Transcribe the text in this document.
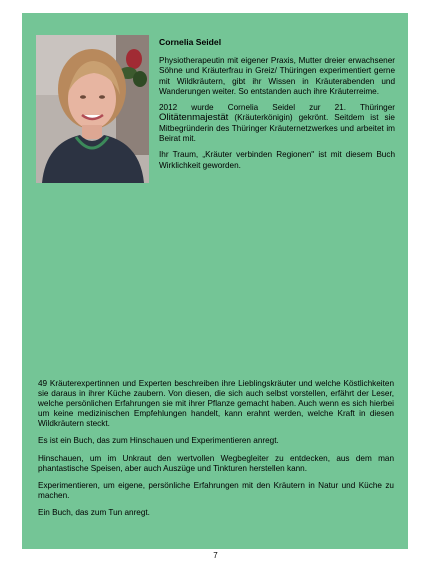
Cornelia Seidel

Physiotherapeutin mit eigener Praxis, Mutter dreier erwachsener Söhne und Kräuterfrau in Greiz/ Thüringen experimentiert gerne mit Wildkräutern, gibt ihr Wissen in Kräuterabenden und Wanderungen weiter. So entstanden auch ihre Kräuterreime.

2012 wurde Cornelia Seidel zur 21. Thüringer Olitätenmajestät (Kräuterkönigin) gekrönt. Seitdem ist sie Mitbegründerin des Thüringer Kräuternetzwerkes und arbeitet im Beirat mit.

Ihr Traum, „Kräuter verbinden Regionen" ist mit diesem Buch Wirklichkeit geworden.

49 Kräuterexpertinnen und Experten beschreiben ihre Lieblingskräuter und welche Köstlichkeiten sie daraus in ihrer Küche zaubern. Von diesen, die sich auch selbst vorstellen, erfährt der Leser, welche persönlichen Erfahrungen sie mit ihrer Pflanze gemacht haben. Auch wenn es sich hierbei um keine medizinischen Empfehlungen handelt, kann erahnt werden, welche Kraft in diesen Wildkräutern steckt.

Es ist ein Buch, das zum Hinschauen und Experimentieren anregt.

Hinschauen, um im Unkraut den wertvollen Wegbegleiter zu entdecken, aus dem man phantastische Speisen, aber auch Auszüge und Tinkturen herstellen kann.

Experimentieren, um eigene, persönliche Erfahrungen mit den Kräutern in Natur und Küche zu machen.

Ein Buch, das zum Tun anregt.

7
